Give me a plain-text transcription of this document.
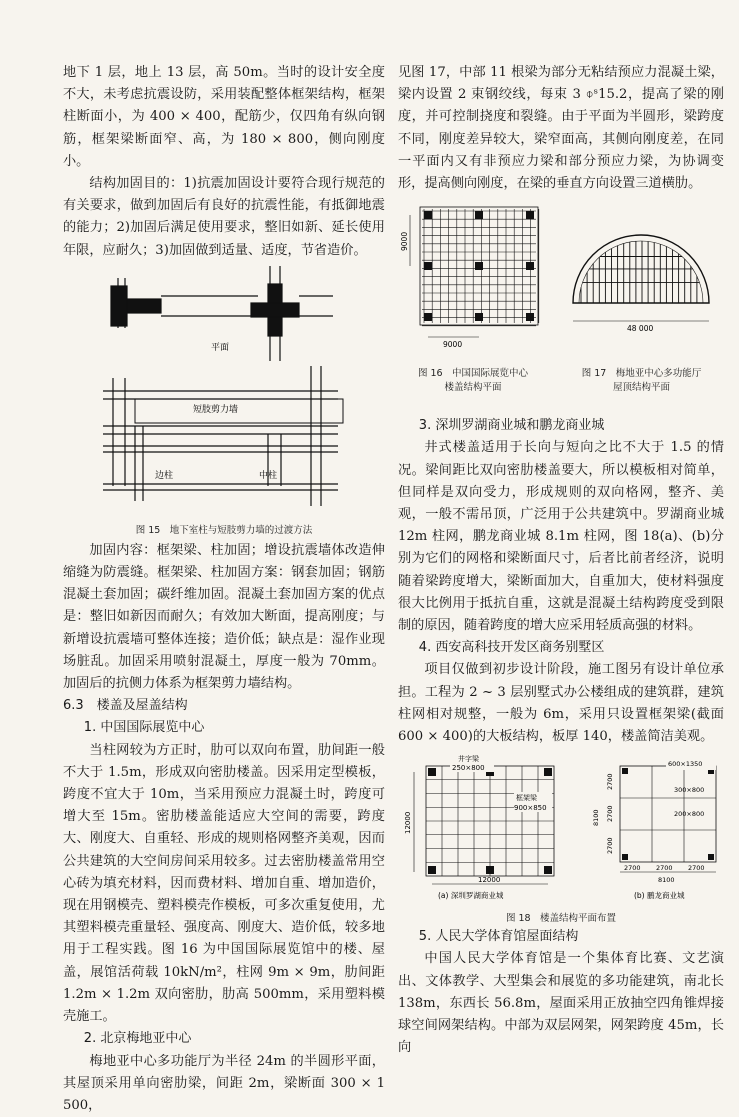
地下 1 层，地上 13 层，高 50m。当时的设计安全度不大，未考虑抗震设防，采用装配整体框架结构，框架柱断面小，为 400 × 400，配筋少，仅四角有纵向钢筋，框架梁断面窄、高，为 180 × 800，侧向刚度小。

结构加固目的：1)抗震加固设计要符合现行规范的有关要求，做到加固后有良好的抗震性能，有抵御地震的能力；2)加固后满足使用要求，整旧如新、延长使用年限，应耐久；3)加固做到适量、适度，节省造价。

平面
短肢剪力墙
边柱	中柱
图 15　地下室柱与短肢剪力墙的过渡方法

加固内容：框架梁、柱加固；增设抗震墙体改造伸缩缝为防震缝。框架梁、柱加固方案：钢套加固；钢筋混凝土套加固；碳纤维加固。混凝土套加固方案的优点是：整旧如新因而耐久；有效加大断面，提高刚度；与新增设抗震墙可整体连接；造价低；缺点是：湿作业现场脏乱。加固采用喷射混凝土，厚度一般为 70mm。加固后的抗侧力体系为框架剪力墙结构。

6.3　楼盖及屋盖结构

1. 中国国际展览中心

当柱网较为方正时，肋可以双向布置，肋间距一般不大于 1.5m，形成双向密肋楼盖。因采用定型模板，跨度不宜大于 10m，当采用预应力混凝土时，跨度可增大至 15m。密肋楼盖能适应大空间的需要，跨度大、刚度大、自重轻、形成的规则格网整齐美观，因而公共建筑的大空间房间采用较多。过去密肋楼盖常用空心砖为填充材料，因而费材料、增加自重、增加造价，现在用钢模壳、塑料模壳作模板，可多次重复使用，尤其塑料模壳重量轻、强度高、刚度大、造价低，较多地用于工程实践。图 16 为中国国际展览馆中的楼、屋盖，展馆活荷载 10kN/m²，柱网 9m × 9m，肋间距 1.2m × 1.2m 双向密肋，肋高 500mm，采用塑料模壳施工。

2. 北京梅地亚中心

梅地亚中心多功能厅为半径 24m 的半圆形平面，其屋顶采用单向密肋梁，间距 2m，梁断面 300 × 1 500，

见图 17，中部 11 根梁为部分无粘结预应力混凝土梁，梁内设置 2 束钢绞线，每束 3 ⌽ˢ15.2，提高了梁的刚度，并可控制挠度和裂缝。由于平面为半圆形，梁跨度不同，刚度差异较大，梁窄面高，其侧向刚度差，在同一平面内又有非预应力梁和部分预应力梁，为协调变形，提高侧向刚度，在梁的垂直方向设置三道横肋。

9000
9000
图 16　中国国际展览中心
楼盖结构平面
48 000
图 17　梅地亚中心多功能厅
屋顶结构平面

3. 深圳罗湖商业城和鹏龙商业城

井式楼盖适用于长向与短向之比不大于 1.5 的情况。梁间距比双向密肋楼盖要大，所以模板相对简单，但同样是双向受力，形成规则的双向格网，整齐、美观，一般不需吊顶，广泛用于公共建筑中。罗湖商业城 12m 柱网，鹏龙商业城 8.1m 柱网，图 18(a)、(b)分别为它们的网格和梁断面尺寸，后者比前者经济，说明随着梁跨度增大，梁断面加大，自重加大，使材料强度很大比例用于抵抗自重，这就是混凝土结构跨度受到限制的原因，随着跨度的增大应采用轻质高强的材料。

4. 西安高科技开发区商务别墅区

项目仅做到初步设计阶段，施工图另有设计单位承担。工程为 2 ~ 3 层别墅式办公楼组成的建筑群，建筑柱网相对规整，一般为 6m，采用只设置框架梁(截面 600 × 400)的大板结构，板厚 140，楼盖简洁美观。

井字梁
250×800
框架梁
900×850
12000
12000
(a) 深圳罗湖商业城
600×1350
300×800
200×800
2700
2700
2700
8100
2700 2700 2700
8100
(b) 鹏龙商业城
图 18　楼盖结构平面布置

5. 人民大学体育馆屋面结构

中国人民大学体育馆是一个集体育比赛、文艺演出、文体教学、大型集会和展览的多功能建筑，南北长 138m，东西长 56.8m，屋面采用正放抽空四角锥焊接球空间网架结构。中部为双层网架，网架跨度 45m，长向
